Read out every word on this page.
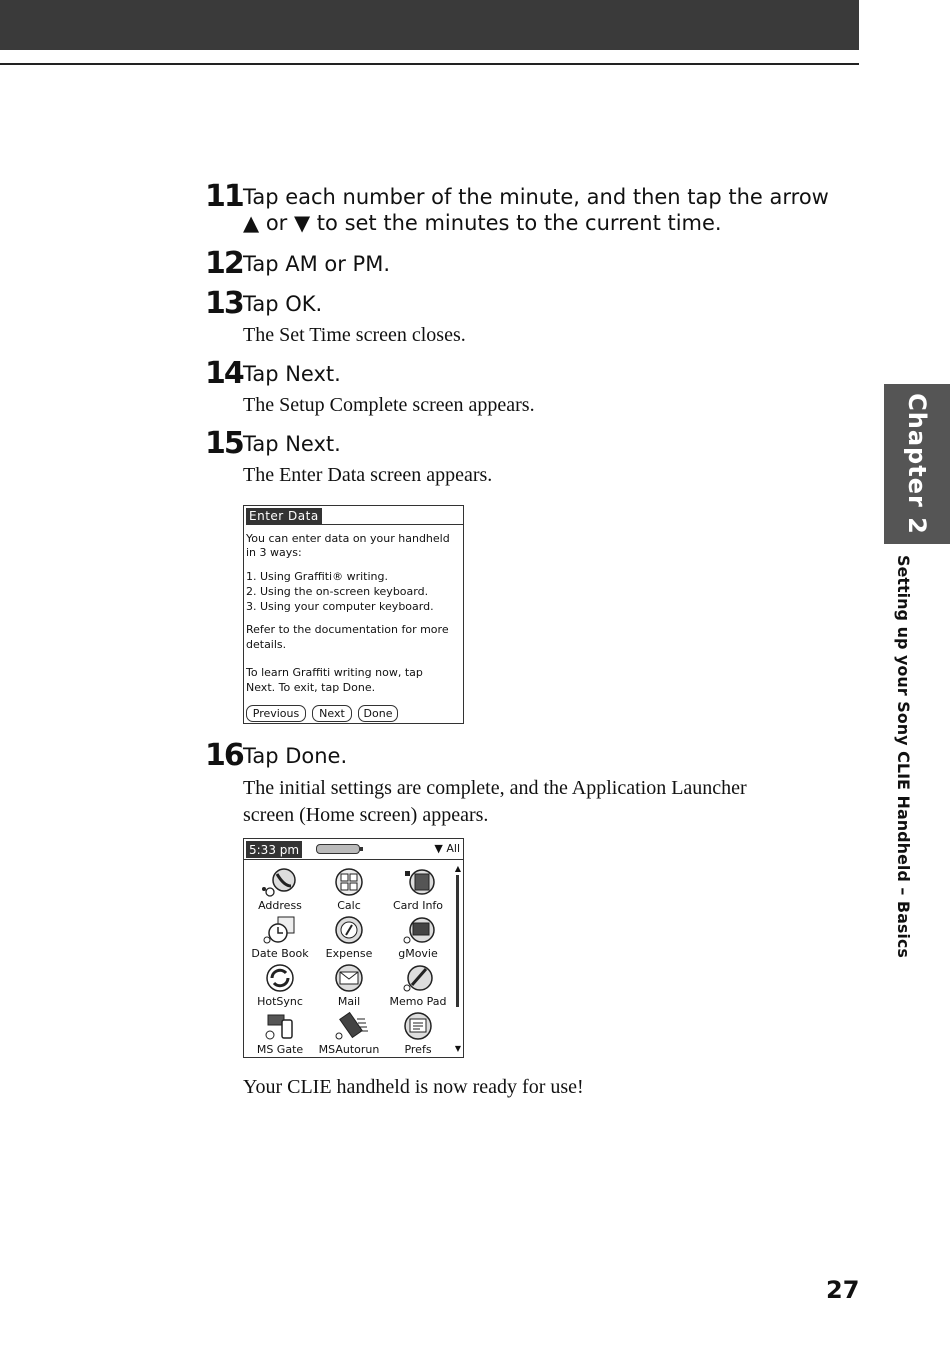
11 Tap each number of the minute, and then tap the arrow
▲ or ▼ to set the minutes to the current time.
12 Tap AM or PM.
13 Tap OK.
The Set Time screen closes.
14 Tap Next.
The Setup Complete screen appears.
15 Tap Next.
The Enter Data screen appears.
Enter Data
You can enter data on your handheld
in 3 ways:
1. Using Graffiti® writing.
2. Using the on-screen keyboard.
3. Using your computer keyboard.
Refer to the documentation for more
details.
To learn Graffiti writing now, tap
Next. To exit, tap Done.
Previous	Next	Done
16 Tap Done.
The initial settings are complete, and the Application Launcher
screen (Home screen) appears.
5:33 pm	▼ All
Address	Calc	Card Info
Date Book	Expense	gMovie
HotSync	Mail	Memo Pad
MS Gate	MSAutorun	Prefs
▲
▼
Your CLIE handheld is now ready for use!
Chapter 2
Setting up your Sony CLIE Handheld – Basics
27
